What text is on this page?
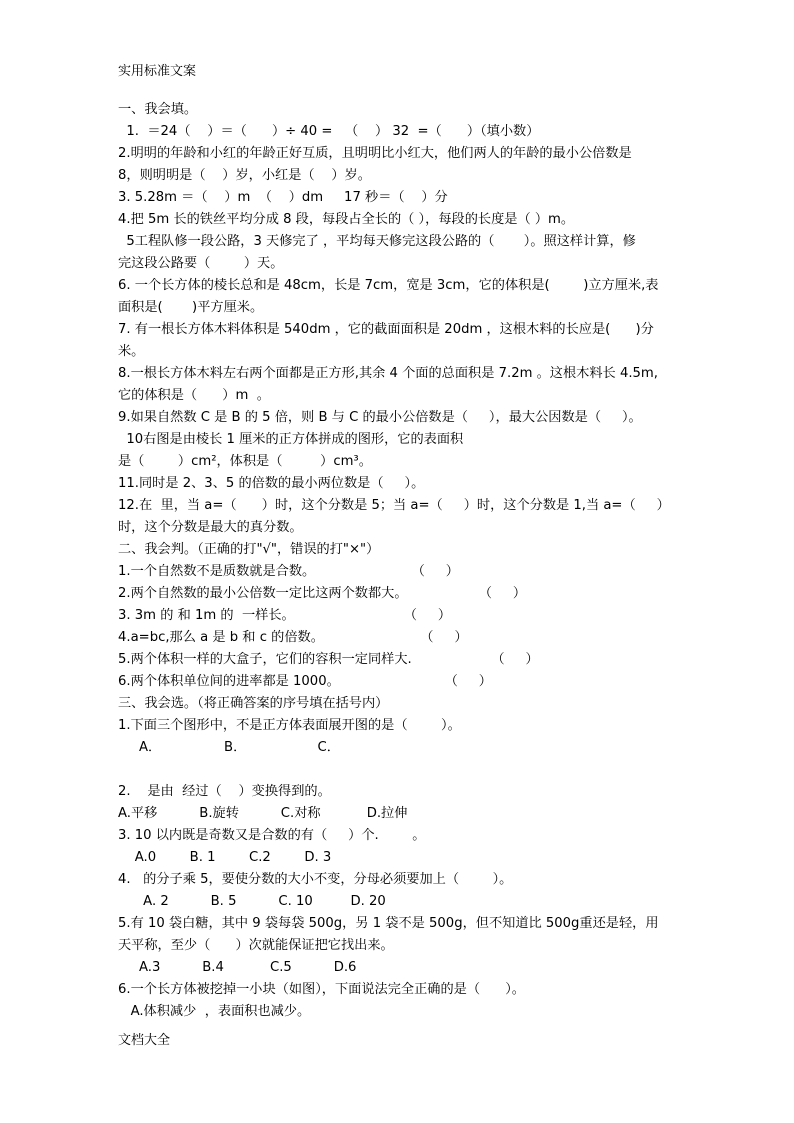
实用标准文案
一、我会填。
1.  ＝24（    ）＝（      ）÷ 40 =   （    ） 32  =（      ）（填小数）
2.明明的年龄和小红的年龄正好互质，且明明比小红大，他们两人的年龄的最小公倍数是
8，则明明是（    ）岁，小红是（    ）岁。
3. 5.28m ＝（    ）m  （    ）dm     17 秒＝（    ）分
4.把 5m 长的铁丝平均分成 8 段，每段占全长的（ ），每段的长度是（ ）m。
5工程队修一段公路，3 天修完了 ，平均每天修完这段公路的（       ）。照这样计算，修
完这段公路要（        ）天。
6. 一个长方体的棱长总和是 48cm，长是 7cm，宽是 3cm，它的体积是(        )立方厘米,表
面积是(       )平方厘米。
7. 有一根长方体木料体积是 540dm ，它的截面面积是 20dm ，这根木料的长应是(      )分
米。
8.一根长方体木料左右两个面都是正方形,其余 4 个面的总面积是 7.2m 。这根木料长 4.5m,
它的体积是（      ）m  。
9.如果自然数 C 是 B 的 5 倍，则 B 与 C 的最小公倍数是（     ），最大公因数是（     ）。
10右图是由棱长 1 厘米的正方体拼成的图形，它的表面积
是（        ）cm²，体积是（         ）cm³。
11.同时是 2、3、5 的倍数的最小两位数是（     ）。
12.在  里，当 a=（      ）时，这个分数是 5；当 a=（     ）时，这个分数是 1,当 a=（     ）
时，这个分数是最大的真分数。
二、我会判。（正确的打"√"，错误的打"×"）
1.一个自然数不是质数就是合数。                       （     ）
2.两个自然数的最小公倍数一定比这两个数都大。                 （     ）
3. 3m 的 和 1m 的  一样长。                          （     ）
4.a=bc,那么 a 是 b 和 c 的倍数。                       （     ）
5.两个体积一样的大盒子，它们的容积一定同样大.                   （     ）
6.两个体积单位间的进率都是 1000。                         （     ）
三、我会选。（将正确答案的序号填在括号内）
1.下面三个图形中，不是正方体表面展开图的是（        ）。
A．               B．                 C．
2.    是由  经过（    ）变换得到的。
A.平移          B.旋转          C.对称           D.拉伸
3. 10 以内既是奇数又是合数的有（     ）个.        。
A.0        B. 1        C.2        D. 3
4.   的分子乘 5，要使分数的大小不变，分母必须要加上（        ）。
A. 2          B. 5          C. 10         D. 20
5.有 10 袋白糖，其中 9 袋每袋 500g，另 1 袋不是 500g，但不知道比 500g重还是轻，用
天平称，至少（      ）次就能保证把它找出来。
A.3          B.4           C.5          D.6
6.一个长方体被挖掉一小块（如图），下面说法完全正确的是（      ）。
A.体积减少  ，表面积也减少。
文档大全
